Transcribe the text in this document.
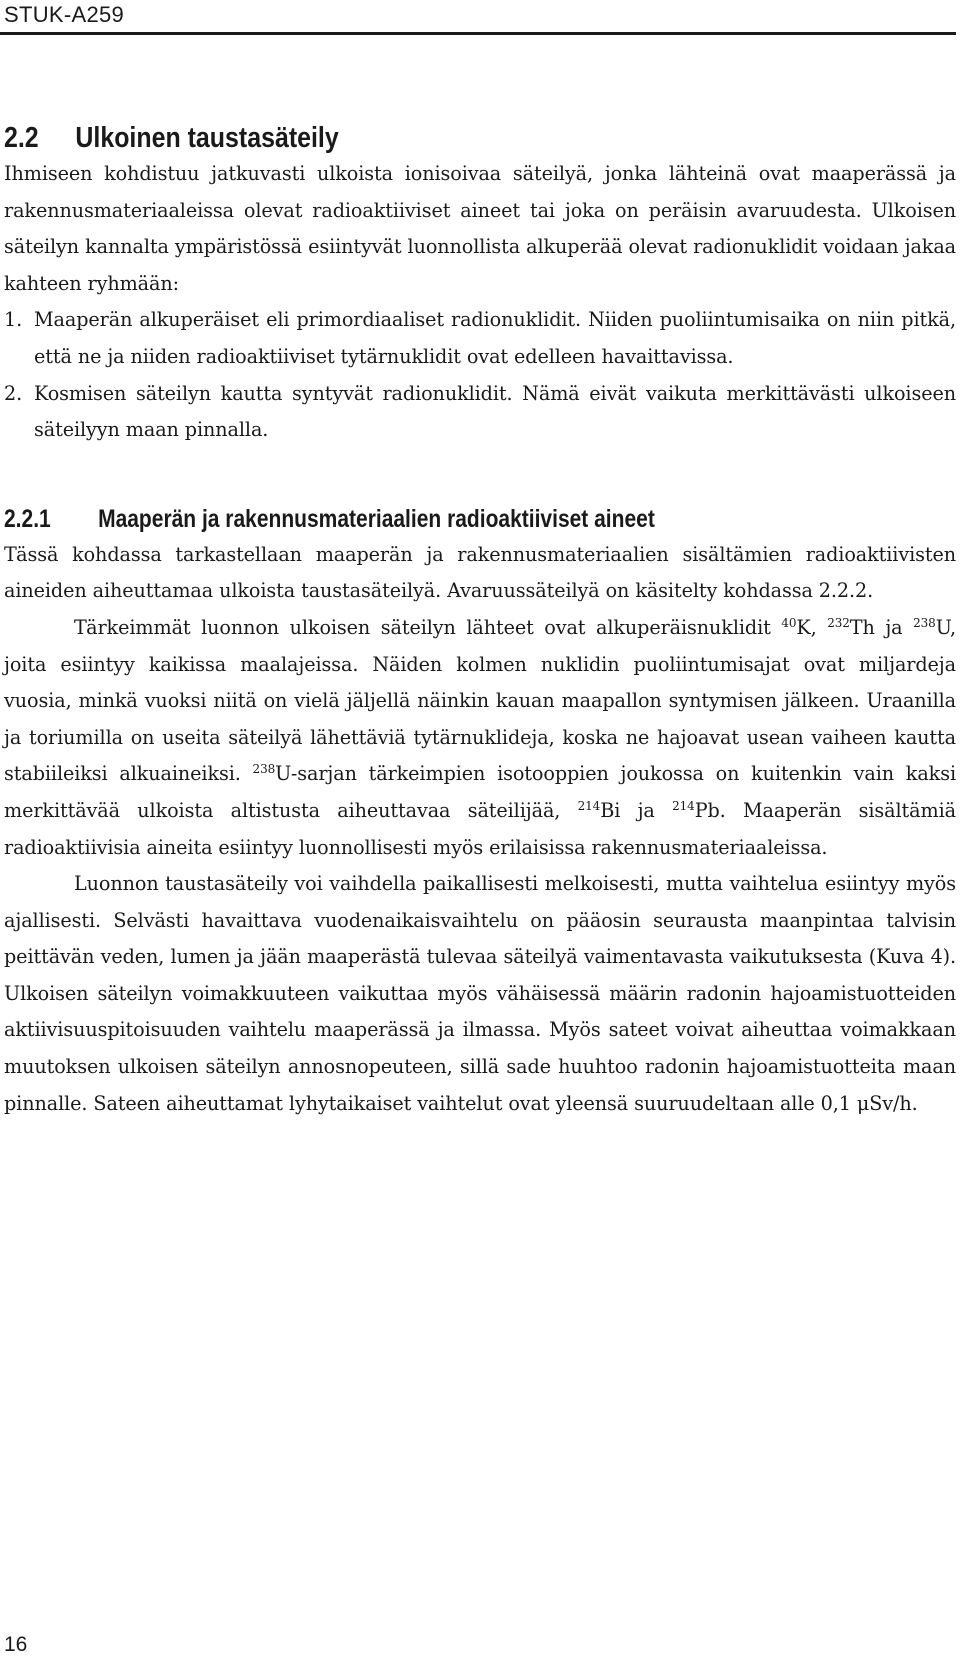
STUK-A259
2.2	Ulkoinen taustasäteily

Ihmiseen kohdistuu jatkuvasti ulkoista ionisoivaa säteilyä, jonka lähteinä ovat maaperässä ja rakennusmateriaaleissa olevat radioaktiiviset aineet tai joka on peräisin avaruudesta. Ulkoisen säteilyn kannalta ympäristössä esiintyvät luonnollista alkuperää olevat radionuklidit voidaan jakaa kahteen ryhmään:

1. Maaperän alkuperäiset eli primordiaaliset radionuklidit. Niiden puoliintumisaika on niin pitkä, että ne ja niiden radioaktiiviset tytärnuklidit ovat edelleen havaittavissa.
2. Kosmisen säteilyn kautta syntyvät radionuklidit. Nämä eivät vaikuta merkittävästi ulkoiseen säteilyyn maan pinnalla.
2.2.1	Maaperän ja rakennusmateriaalien radioaktiiviset aineet

Tässä kohdassa tarkastellaan maaperän ja rakennusmateriaalien sisältämien radioaktiivisten aineiden aiheuttamaa ulkoista taustasäteilyä. Avaruussäteilyä on käsitelty kohdassa 2.2.2.

Tärkeimmät luonnon ulkoisen säteilyn lähteet ovat alkuperäisnuklidit $^{40}$K, $^{232}$Th ja $^{238}$U, joita esiintyy kaikissa maalajeissa. Näiden kolmen nuklidin puoliintumisajat ovat miljardeja vuosia, minkä vuoksi niitä on vielä jäljellä näinkin kauan maapallon syntymisen jälkeen. Uraanilla ja toriumilla on useita säteilyä lähettäviä tytärnuklideja, koska ne hajoavat usean vaiheen kautta stabiileiksi alkuaineiksi. $^{238}$U-sarjan tärkeimpien isotooppien joukossa on kuitenkin vain kaksi merkittävää ulkoista altistusta aiheuttavaa säteilijää, $^{214}$Bi ja $^{214}$Pb. Maaperän sisältämiä radioaktiivisia aineita esiintyy luonnollisesti myös erilaisissa rakennusmateriaaleissa.

Luonnon taustasäteily voi vaihdella paikallisesti melkoisesti, mutta vaihtelua esiintyy myös ajallisesti. Selvästi havaittava vuodenaikaisvaihtelu on pääosin seurausta maanpintaa talvisin peittävän veden, lumen ja jään maaperästä tulevaa säteilyä vaimentavasta vaikutuksesta (Kuva 4). Ulkoisen säteilyn voimakkuuteen vaikuttaa myös vähäisessä määrin radonin hajoamistuotteiden aktiivisuuspitoisuuden vaihtelu maaperässä ja ilmassa. Myös sateet voivat aiheuttaa voimakkaan muutoksen ulkoisen säteilyn annosnopeuteen, sillä sade huuhtoo radonin hajoamistuotteita maan pinnalle. Sateen aiheuttamat lyhytaikaiset vaihtelut ovat yleensä suuruudeltaan alle 0,1 μSv/h.

16
